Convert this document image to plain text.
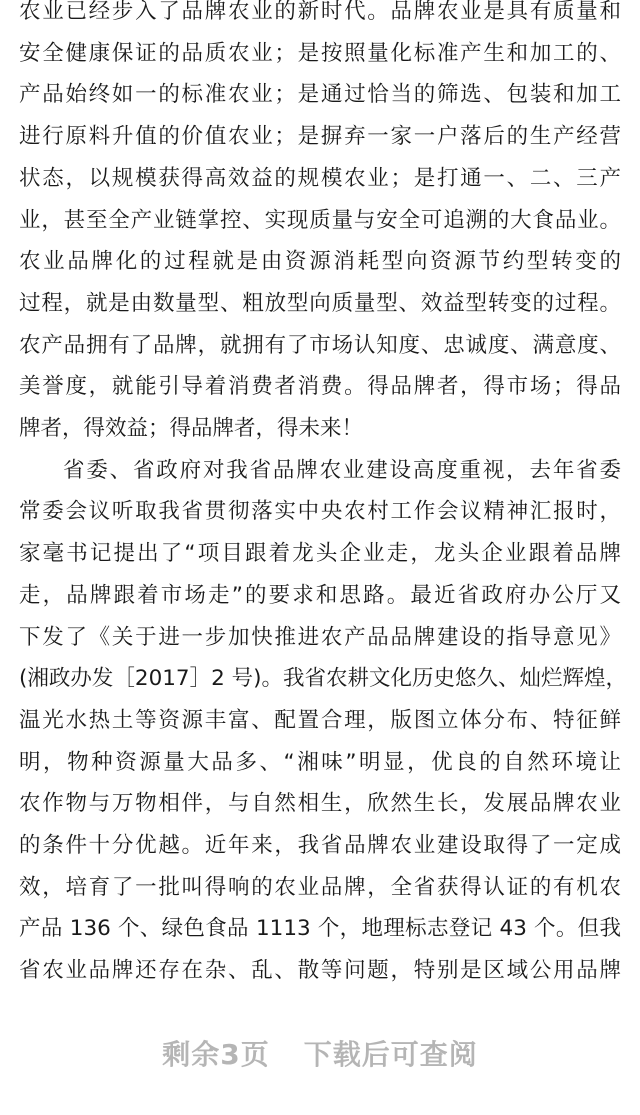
农业已经步入了品牌农业的新时代。品牌农业是具有质量和
安全健康保证的品质农业；是按照量化标准产生和加工的、
产品始终如一的标准农业；是通过恰当的筛选、包装和加工
进行原料升值的价值农业；是摒弃一家一户落后的生产经营
状态，以规模获得高效益的规模农业；是打通一、二、三产
业，甚至全产业链掌控、实现质量与安全可追溯的大食品业。
农业品牌化的过程就是由资源消耗型向资源节约型转变的
过程，就是由数量型、粗放型向质量型、效益型转变的过程。
农产品拥有了品牌，就拥有了市场认知度、忠诚度、满意度、
美誉度，就能引导着消费者消费。得品牌者，得市场；得品
牌者，得效益；得品牌者，得未来！
省委、省政府对我省品牌农业建设高度重视，去年省委
常委会议听取我省贯彻落实中央农村工作会议精神汇报时，
家毫书记提出了“项目跟着龙头企业走，龙头企业跟着品牌
走，品牌跟着市场走”的要求和思路。最近省政府办公厅又
下发了《关于进一步加快推进农产品品牌建设的指导意见》
(湘政办发［2017］2 号)。我省农耕文化历史悠久、灿烂辉煌，
温光水热土等资源丰富、配置合理，版图立体分布、特征鲜
明，物种资源量大品多、“湘味”明显，优良的自然环境让
农作物与万物相伴，与自然相生，欣然生长，发展品牌农业
的条件十分优越。近年来，我省品牌农业建设取得了一定成
效，培育了一批叫得响的农业品牌，全省获得认证的有机农
产品 136 个、绿色食品 1113 个，地理标志登记 43 个。但我
省农业品牌还存在杂、乱、散等问题，特别是区域公用品牌
剩余3页 下载后可查阅
